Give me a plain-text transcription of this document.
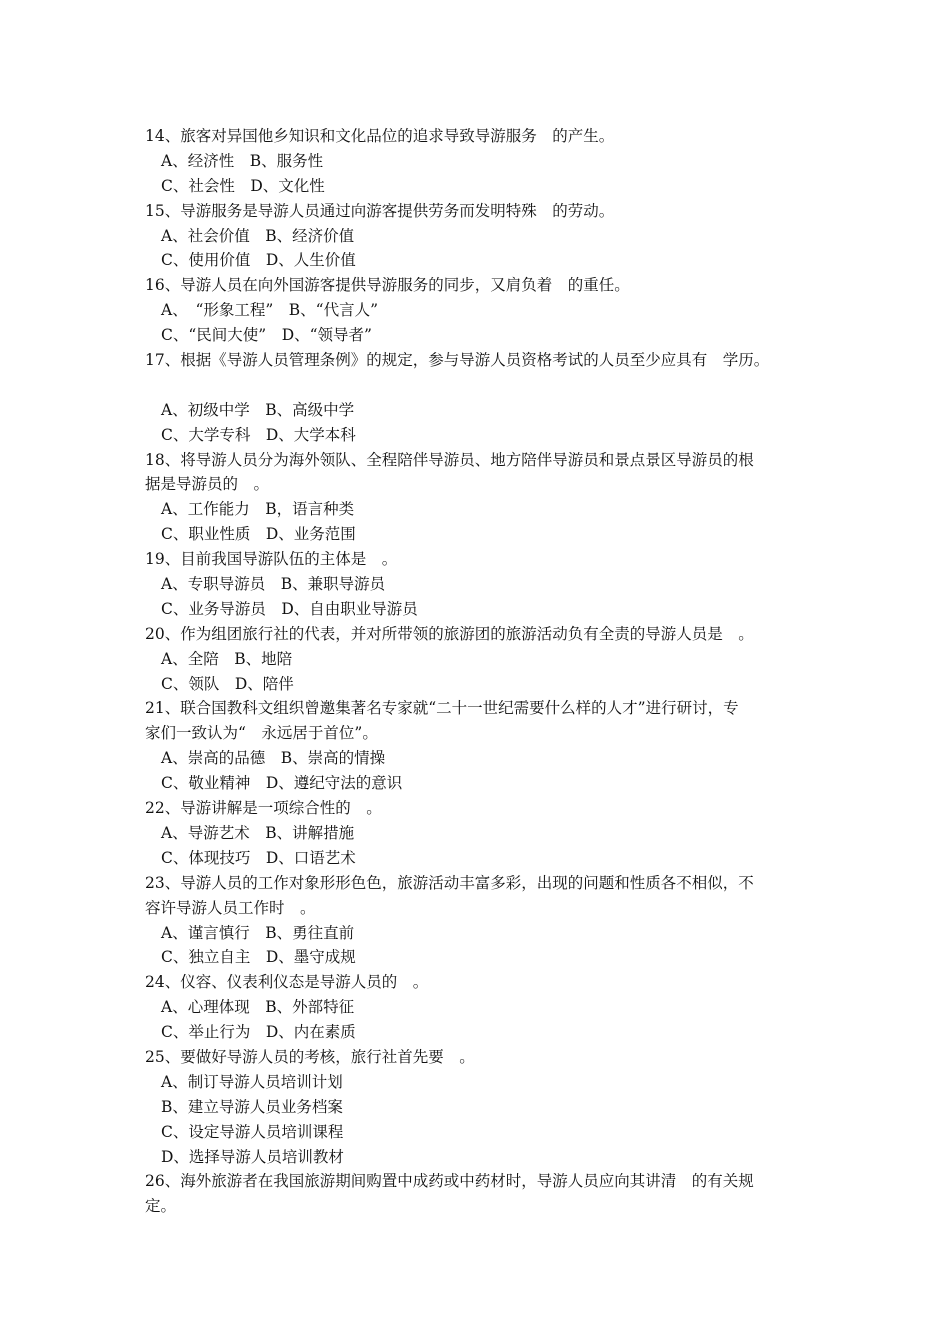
14、旅客对异国他乡知识和文化品位的追求导致导游服务　的产生。
A、经济性　B、服务性
C、社会性　D、文化性
15、导游服务是导游人员通过向游客提供劳务而发明特殊　的劳动。
A、社会价值　B、经济价值
C、使用价值　D、人生价值
16、导游人员在向外国游客提供导游服务的同步，又肩负着　的重任。
A、　“形象工程”　B、“代言人”
C、“民间大使”　D、“领导者”
17、根据《导游人员管理条例》的规定，参与导游人员资格考试的人员至少应具有　学历。
A、初级中学　B、高级中学
C、大学专科　D、大学本科
18、将导游人员分为海外领队、全程陪伴导游员、地方陪伴导游员和景点景区导游员的根
据是导游员的　。
A、工作能力　B，语言种类
C、职业性质　D、业务范围
19、目前我国导游队伍的主体是　。
A、专职导游员　B、兼职导游员
C、业务导游员　D、自由职业导游员
20、作为组团旅行社的代表，并对所带领的旅游团的旅游活动负有全责的导游人员是　。
A、全陪　B、地陪
C、领队　D、陪伴
21、联合国教科文组织曾邀集著名专家就“二十一世纪需要什么样的人才”进行研讨，专
家们一致认为“　永远居于首位”。
A、崇高的品德　B、崇高的情操
C、敬业精神　D、遵纪守法的意识
22、导游讲解是一项综合性的　。
A、导游艺术　B、讲解措施
C、体现技巧　D、口语艺术
23、导游人员的工作对象形形色色，旅游活动丰富多彩，出现的问题和性质各不相似，不
容许导游人员工作时　。
A、谨言慎行　B、勇往直前
C、独立自主　D、墨守成规
24、仪容、仪表利仪态是导游人员的　。
A、心理体现　B、外部特征
C、举止行为　D、内在素质
25、要做好导游人员的考核，旅行社首先要　。
A、制订导游人员培训计划
B、建立导游人员业务档案
C、设定导游人员培训课程
D、选择导游人员培训教材
26、海外旅游者在我国旅游期间购置中成药或中药材时，导游人员应向其讲清　的有关规
定。
